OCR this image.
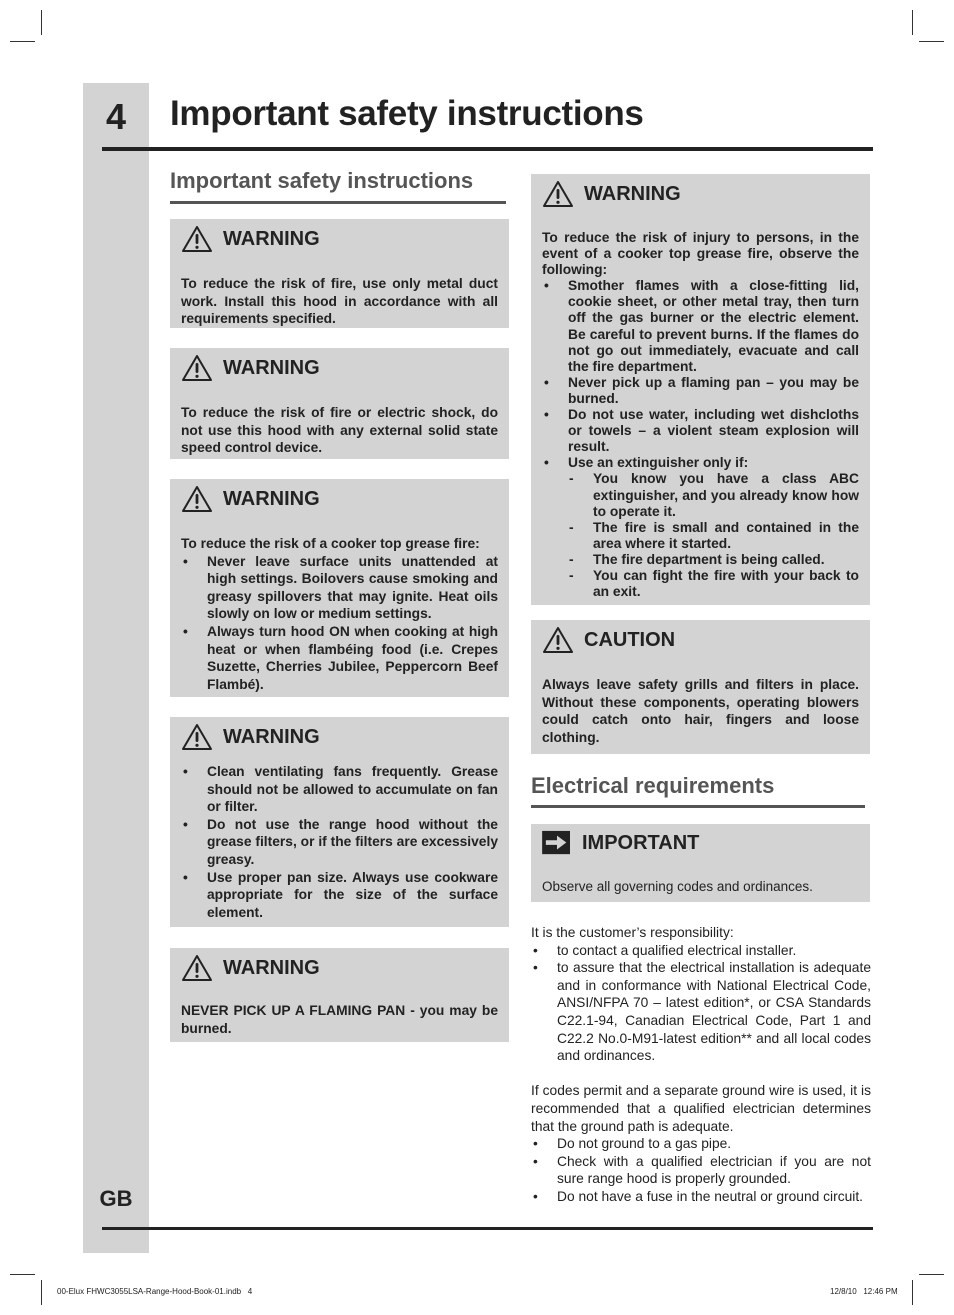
4	Important safety instructions
GB
Important safety instructions
WARNING

To reduce the risk of fire, use only metal duct work. Install this hood in accordance with all requirements specified.

WARNING

To reduce the risk of fire or electric shock, do not use this hood with any external solid state speed control device.

WARNING

To reduce the risk of a cooker top grease fire:

• Never leave surface units unattended at high settings. Boilovers cause smoking and greasy spillovers that may ignite. Heat oils slowly on low or medium settings.
• Always turn hood ON when cooking at high heat or when flambéing food (i.e. Crepes Suzette, Cherries Jubilee, Peppercorn Beef Flambé).
WARNING
• Clean ventilating fans frequently. Grease should not be allowed to accumulate on fan or filter.
• Do not use the range hood without the grease filters, or if the filters are excessively greasy.
• Use proper pan size. Always use cookware appropriate for the size of the surface element.
WARNING

NEVER PICK UP A FLAMING PAN - you may be burned.

WARNING

To reduce the risk of injury to persons, in the event of a cooker top grease fire, observe the following:

• Smother flames with a close-fitting lid, cookie sheet, or other metal tray, then turn off the gas burner or the electric element. Be careful to prevent burns. If the flames do not go out immediately, evacuate and call the fire department.
• Never pick up a flaming pan – you may be burned.
• Do not use water, including wet dishcloths or towels – a violent steam explosion will result.
• Use an extinguisher only if:
- You know you have a class ABC extinguisher, and you already know how to operate it.
- The fire is small and contained in the area where it started.
- The fire department is being called.
- You can fight the fire with your back to an exit.
CAUTION

Always leave safety grills and filters in place. Without these components, operating blowers could catch onto hair, fingers and loose clothing.

Electrical requirements
IMPORTANT

Observe all governing codes and ordinances.

It is the customer’s responsibility:

• to contact a qualified electrical installer.
• to assure that the electrical installation is adequate and in conformance with National Electrical Code, ANSI/NFPA 70 – latest edition*, or CSA Standards C22.1-94, Canadian Electrical Code, Part 1 and C22.2 No.0-M91-latest edition** and all local codes and ordinances.

If codes permit and a separate ground wire is used, it is recommended that a qualified electrician determines that the ground path is adequate.

• Do not ground to a gas pipe.
• Check with a qualified electrician if you are not sure range hood is properly grounded.
• Do not have a fuse in the neutral or ground circuit.
00-Elux FHWC3055LSA-Range-Hood-Book-01.indb   4	12/8/10   12:46 PM
